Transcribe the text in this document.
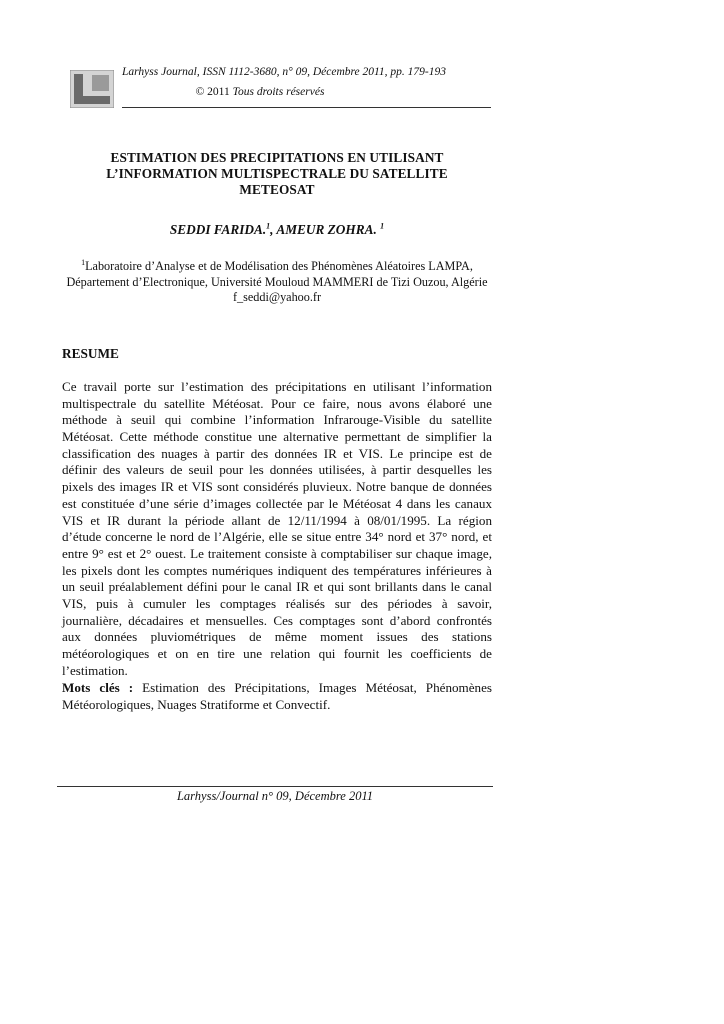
Larhyss Journal, ISSN 1112-3680, n° 09, Décembre 2011, pp. 179-193
© 2011 Tous droits réservés
ESTIMATION DES PRECIPITATIONS EN UTILISANT
L’INFORMATION MULTISPECTRALE DU SATELLITE
METEOSAT
SEDDI FARIDA.$^1$, AMEUR ZOHRA. $^1$
$^1$Laboratoire d’Analyse et de Modélisation des Phénomènes Aléatoires LAMPA,
Département d’Electronique, Université Mouloud MAMMERI de Tizi Ouzou, Algérie
f_seddi@yahoo.fr
RESUME
Ce travail porte sur l’estimation des précipitations en utilisant l’information
multispectrale du satellite Météosat. Pour ce faire, nous avons élaboré une
méthode à seuil qui combine l’information Infrarouge-Visible du satellite
Météosat. Cette méthode constitue une alternative permettant de simplifier la
classification des nuages à partir des données IR et VIS. Le principe est de
définir des valeurs de seuil pour les données utilisées, à partir desquelles les
pixels des images IR et VIS sont considérés pluvieux. Notre banque de données
est constituée d’une série d’images collectée par le Météosat 4 dans les canaux
VIS et IR durant la période allant de 12/11/1994 à 08/01/1995. La région
d’étude concerne le nord de l’Algérie, elle se situe entre 34° nord et 37° nord, et
entre 9° est et 2° ouest. Le traitement consiste à comptabiliser sur chaque image,
les pixels dont les comptes numériques indiquent des températures inférieures à
un seuil préalablement défini pour le canal IR et qui sont brillants dans le canal
VIS, puis à cumuler les comptages réalisés sur des périodes à savoir,
journalière, décadaires et mensuelles. Ces comptages sont d’abord confrontés
aux données pluviométriques de même moment issues des stations
météorologiques et on en tire une relation qui fournit les coefficients de
l’estimation.
Mots clés : Estimation des Précipitations, Images Météosat, Phénomènes
Météorologiques, Nuages Stratiforme et Convectif.
Larhyss/Journal n° 09, Décembre 2011
